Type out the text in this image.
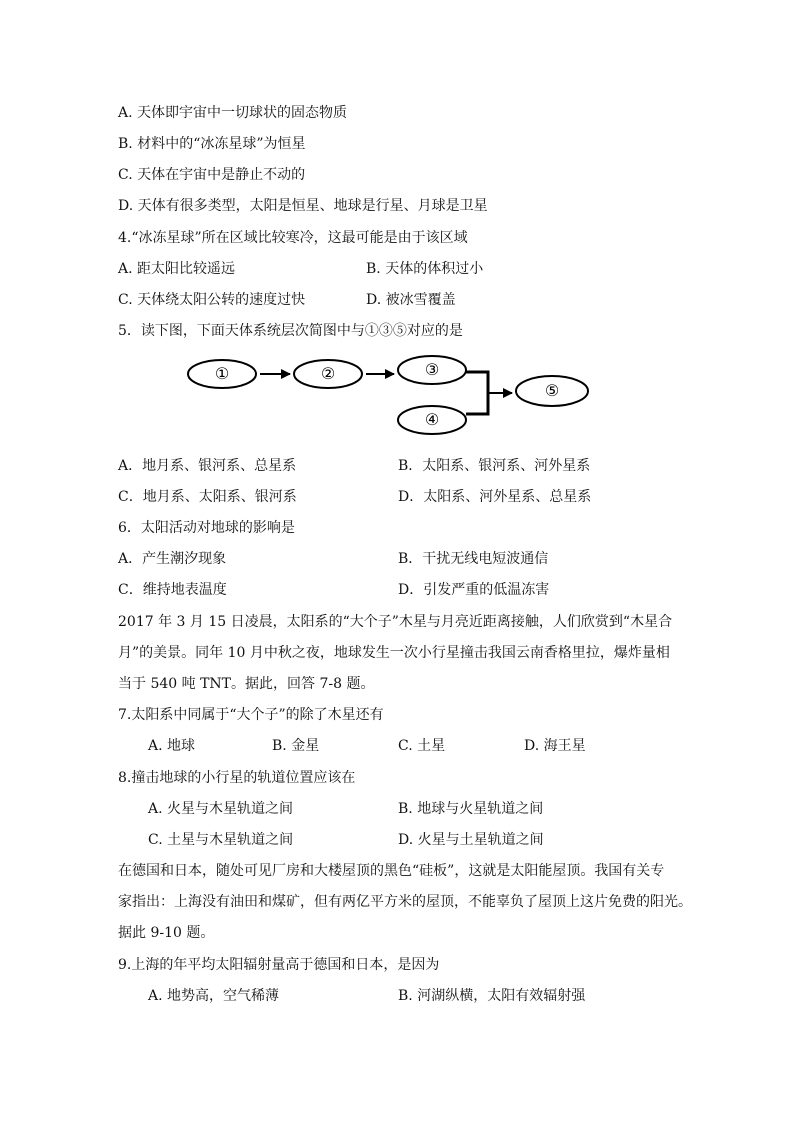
A. 天体即宇宙中一切球状的固态物质
B. 材料中的“冰冻星球”为恒星
C. 天体在宇宙中是静止不动的
D. 天体有很多类型，太阳是恒星、地球是行星、月球是卫星
4.“冰冻星球”所在区域比较寒冷，这最可能是由于该区域
A. 距太阳比较遥远	B. 天体的体积过小
C. 天体绕太阳公转的速度过快	D. 被冰雪覆盖
5．读下图，下面天体系统层次简图中与①③⑤对应的是
①	②	③
④
⑤
A．地月系、银河系、总星系	B．太阳系、银河系、河外星系
C．地月系、太阳系、银河系	D．太阳系、河外星系、总星系
6．太阳活动对地球的影响是
A．产生潮汐现象	B．干扰无线电短波通信
C．维持地表温度	D．引发严重的低温冻害
2017 年 3 月 15 日凌晨，太阳系的“大个子”木星与月亮近距离接触，人们欣赏到“木星合
月”的美景。同年 10 月中秋之夜，地球发生一次小行星撞击我国云南香格里拉，爆炸量相
当于 540 吨 TNT。据此，回答 7-8 题。
7.太阳系中同属于“大个子”的除了木星还有
A. 地球	B. 金星	C. 土星	D. 海王星
8.撞击地球的小行星的轨道位置应该在
A. 火星与木星轨道之间	B. 地球与火星轨道之间
C. 土星与木星轨道之间	D. 火星与土星轨道之间
在德国和日本，随处可见厂房和大楼屋顶的黑色“硅板”，这就是太阳能屋顶。我国有关专
家指出：上海没有油田和煤矿，但有两亿平方米的屋顶，不能辜负了屋顶上这片免费的阳光。
据此 9-10 题。
9.上海的年平均太阳辐射量高于德国和日本，是因为
A. 地势高，空气稀薄	B. 河湖纵横，太阳有效辐射强
